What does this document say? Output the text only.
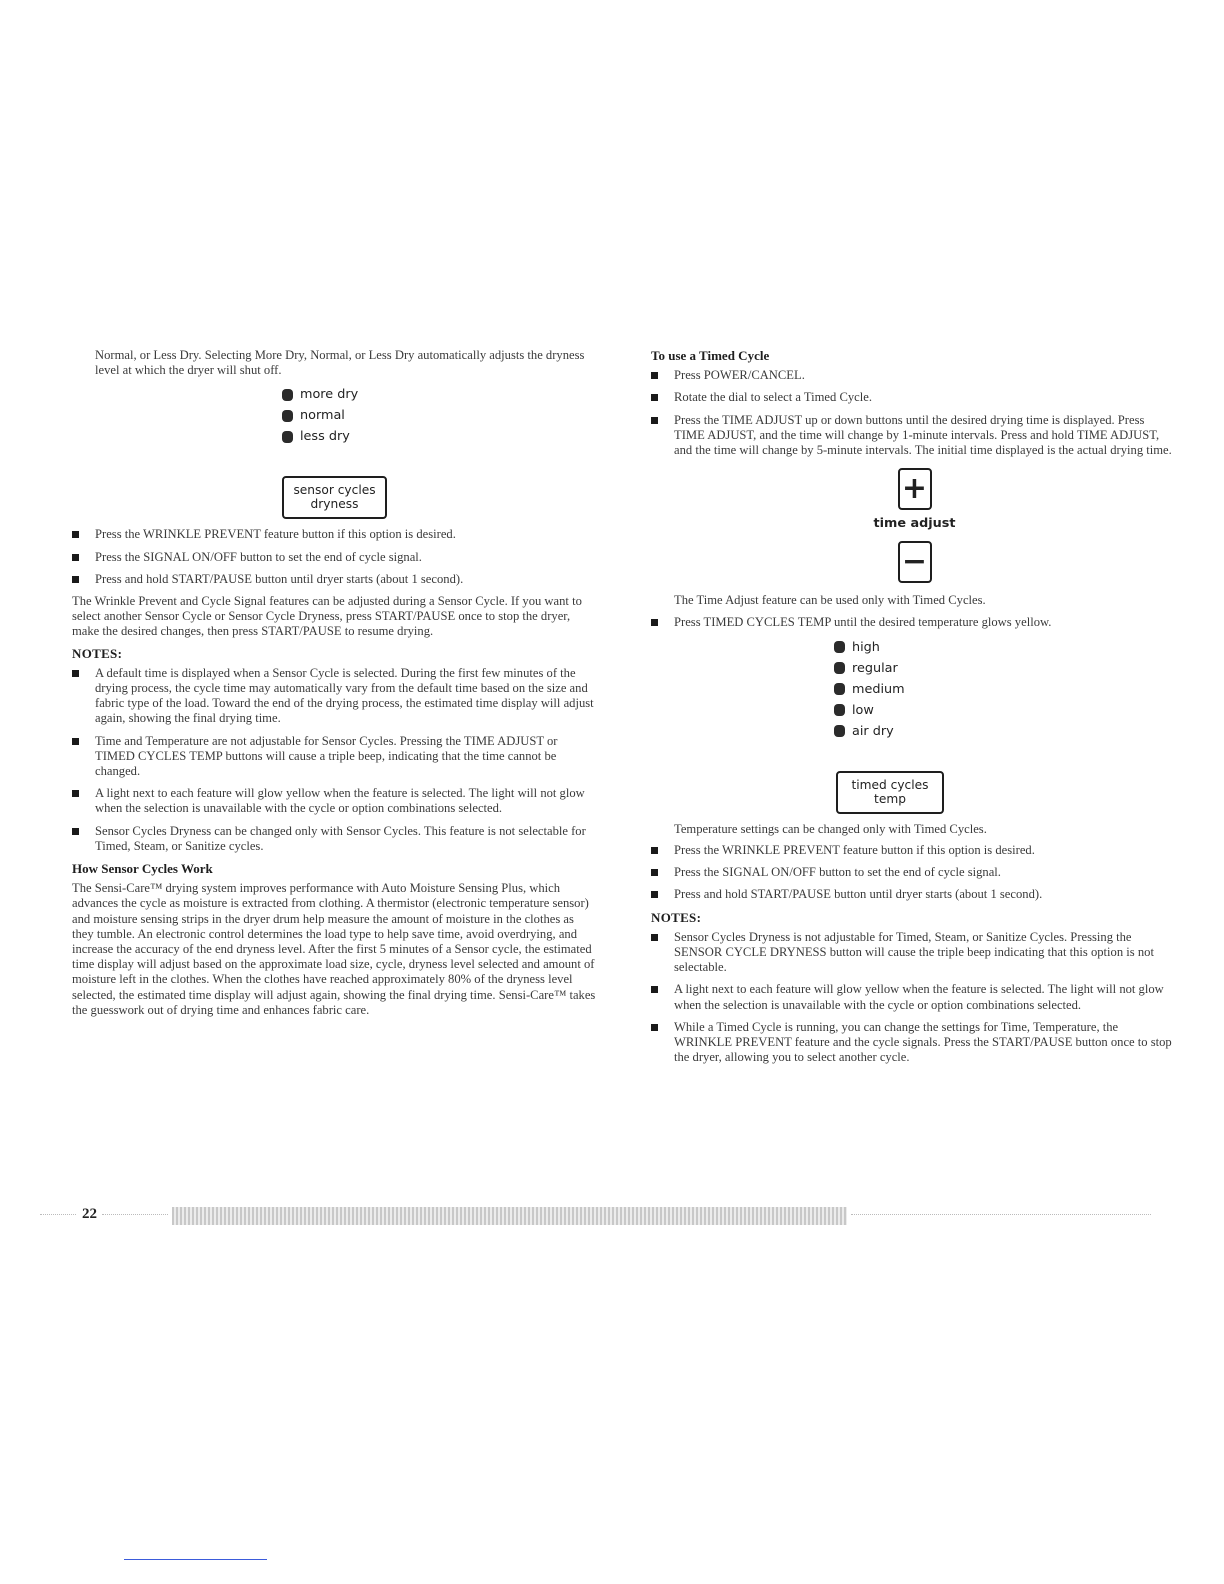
Normal, or Less Dry. Selecting More Dry, Normal, or Less Dry automatically adjusts the dryness level at which the dryer will shut off.

more dry
normal
less dry
sensor cycles
dryness
Press the WRINKLE PREVENT feature button if this option is desired.
Press the SIGNAL ON/OFF button to set the end of cycle signal.
Press and hold START/PAUSE button until dryer starts (about 1 second).

The Wrinkle Prevent and Cycle Signal features can be adjusted during a Sensor Cycle. If you want to select another Sensor Cycle or Sensor Cycle Dryness, press START/PAUSE once to stop the dryer, make the desired changes, then press START/PAUSE to resume drying.

NOTES:
A default time is displayed when a Sensor Cycle is selected. During the first few minutes of the drying process, the cycle time may automatically vary from the default time based on the size and fabric type of the load. Toward the end of the drying process, the estimated time display will adjust again, showing the final drying time.
Time and Temperature are not adjustable for Sensor Cycles. Pressing the TIME ADJUST or TIMED CYCLES TEMP buttons will cause a triple beep, indicating that the time cannot be changed.
A light next to each feature will glow yellow when the feature is selected. The light will not glow when the selection is unavailable with the cycle or option combinations selected.
Sensor Cycles Dryness can be changed only with Sensor Cycles. This feature is not selectable for Timed, Steam, or Sanitize cycles.
How Sensor Cycles Work

The Sensi-Care™ drying system improves performance with Auto Moisture Sensing Plus, which advances the cycle as moisture is extracted from clothing. A thermistor (electronic temperature sensor) and moisture sensing strips in the dryer drum help measure the amount of moisture in the clothes as they tumble. An electronic control determines the load type to help save time, avoid overdrying, and increase the accuracy of the end dryness level. After the first 5 minutes of a Sensor cycle, the estimated time display will adjust based on the approximate load size, cycle, dryness level selected and amount of moisture left in the clothes. When the clothes have reached approximately 80% of the dryness level selected, the estimated time display will adjust again, showing the final drying time. Sensi-Care™ takes the guesswork out of drying time and enhances fabric care.

To use a Timed Cycle
Press POWER/CANCEL.
Rotate the dial to select a Timed Cycle.
Press the TIME ADJUST up or down buttons until the desired drying time is displayed. Press TIME ADJUST, and the time will change by 1-minute intervals. Press and hold TIME ADJUST, and the time will change by 5-minute intervals. The initial time displayed is the actual drying time.
+
time adjust
−

The Time Adjust feature can be used only with Timed Cycles.

Press TIMED CYCLES TEMP until the desired temperature glows yellow.
high
regular
medium
low
air dry
timed cycles
temp

Temperature settings can be changed only with Timed Cycles.

Press the WRINKLE PREVENT feature button if this option is desired.
Press the SIGNAL ON/OFF button to set the end of cycle signal.
Press and hold START/PAUSE button until dryer starts (about 1 second).
NOTES:
Sensor Cycles Dryness is not adjustable for Timed, Steam, or Sanitize Cycles. Pressing the SENSOR CYCLE DRYNESS button will cause the triple beep indicating that this option is not selectable.
A light next to each feature will glow yellow when the feature is selected. The light will not glow when the selection is unavailable with the cycle or option combinations selected.
While a Timed Cycle is running, you can change the settings for Time, Temperature, the WRINKLE PREVENT feature and the cycle signals. Press the START/PAUSE button once to stop the dryer, allowing you to select another cycle.
22
